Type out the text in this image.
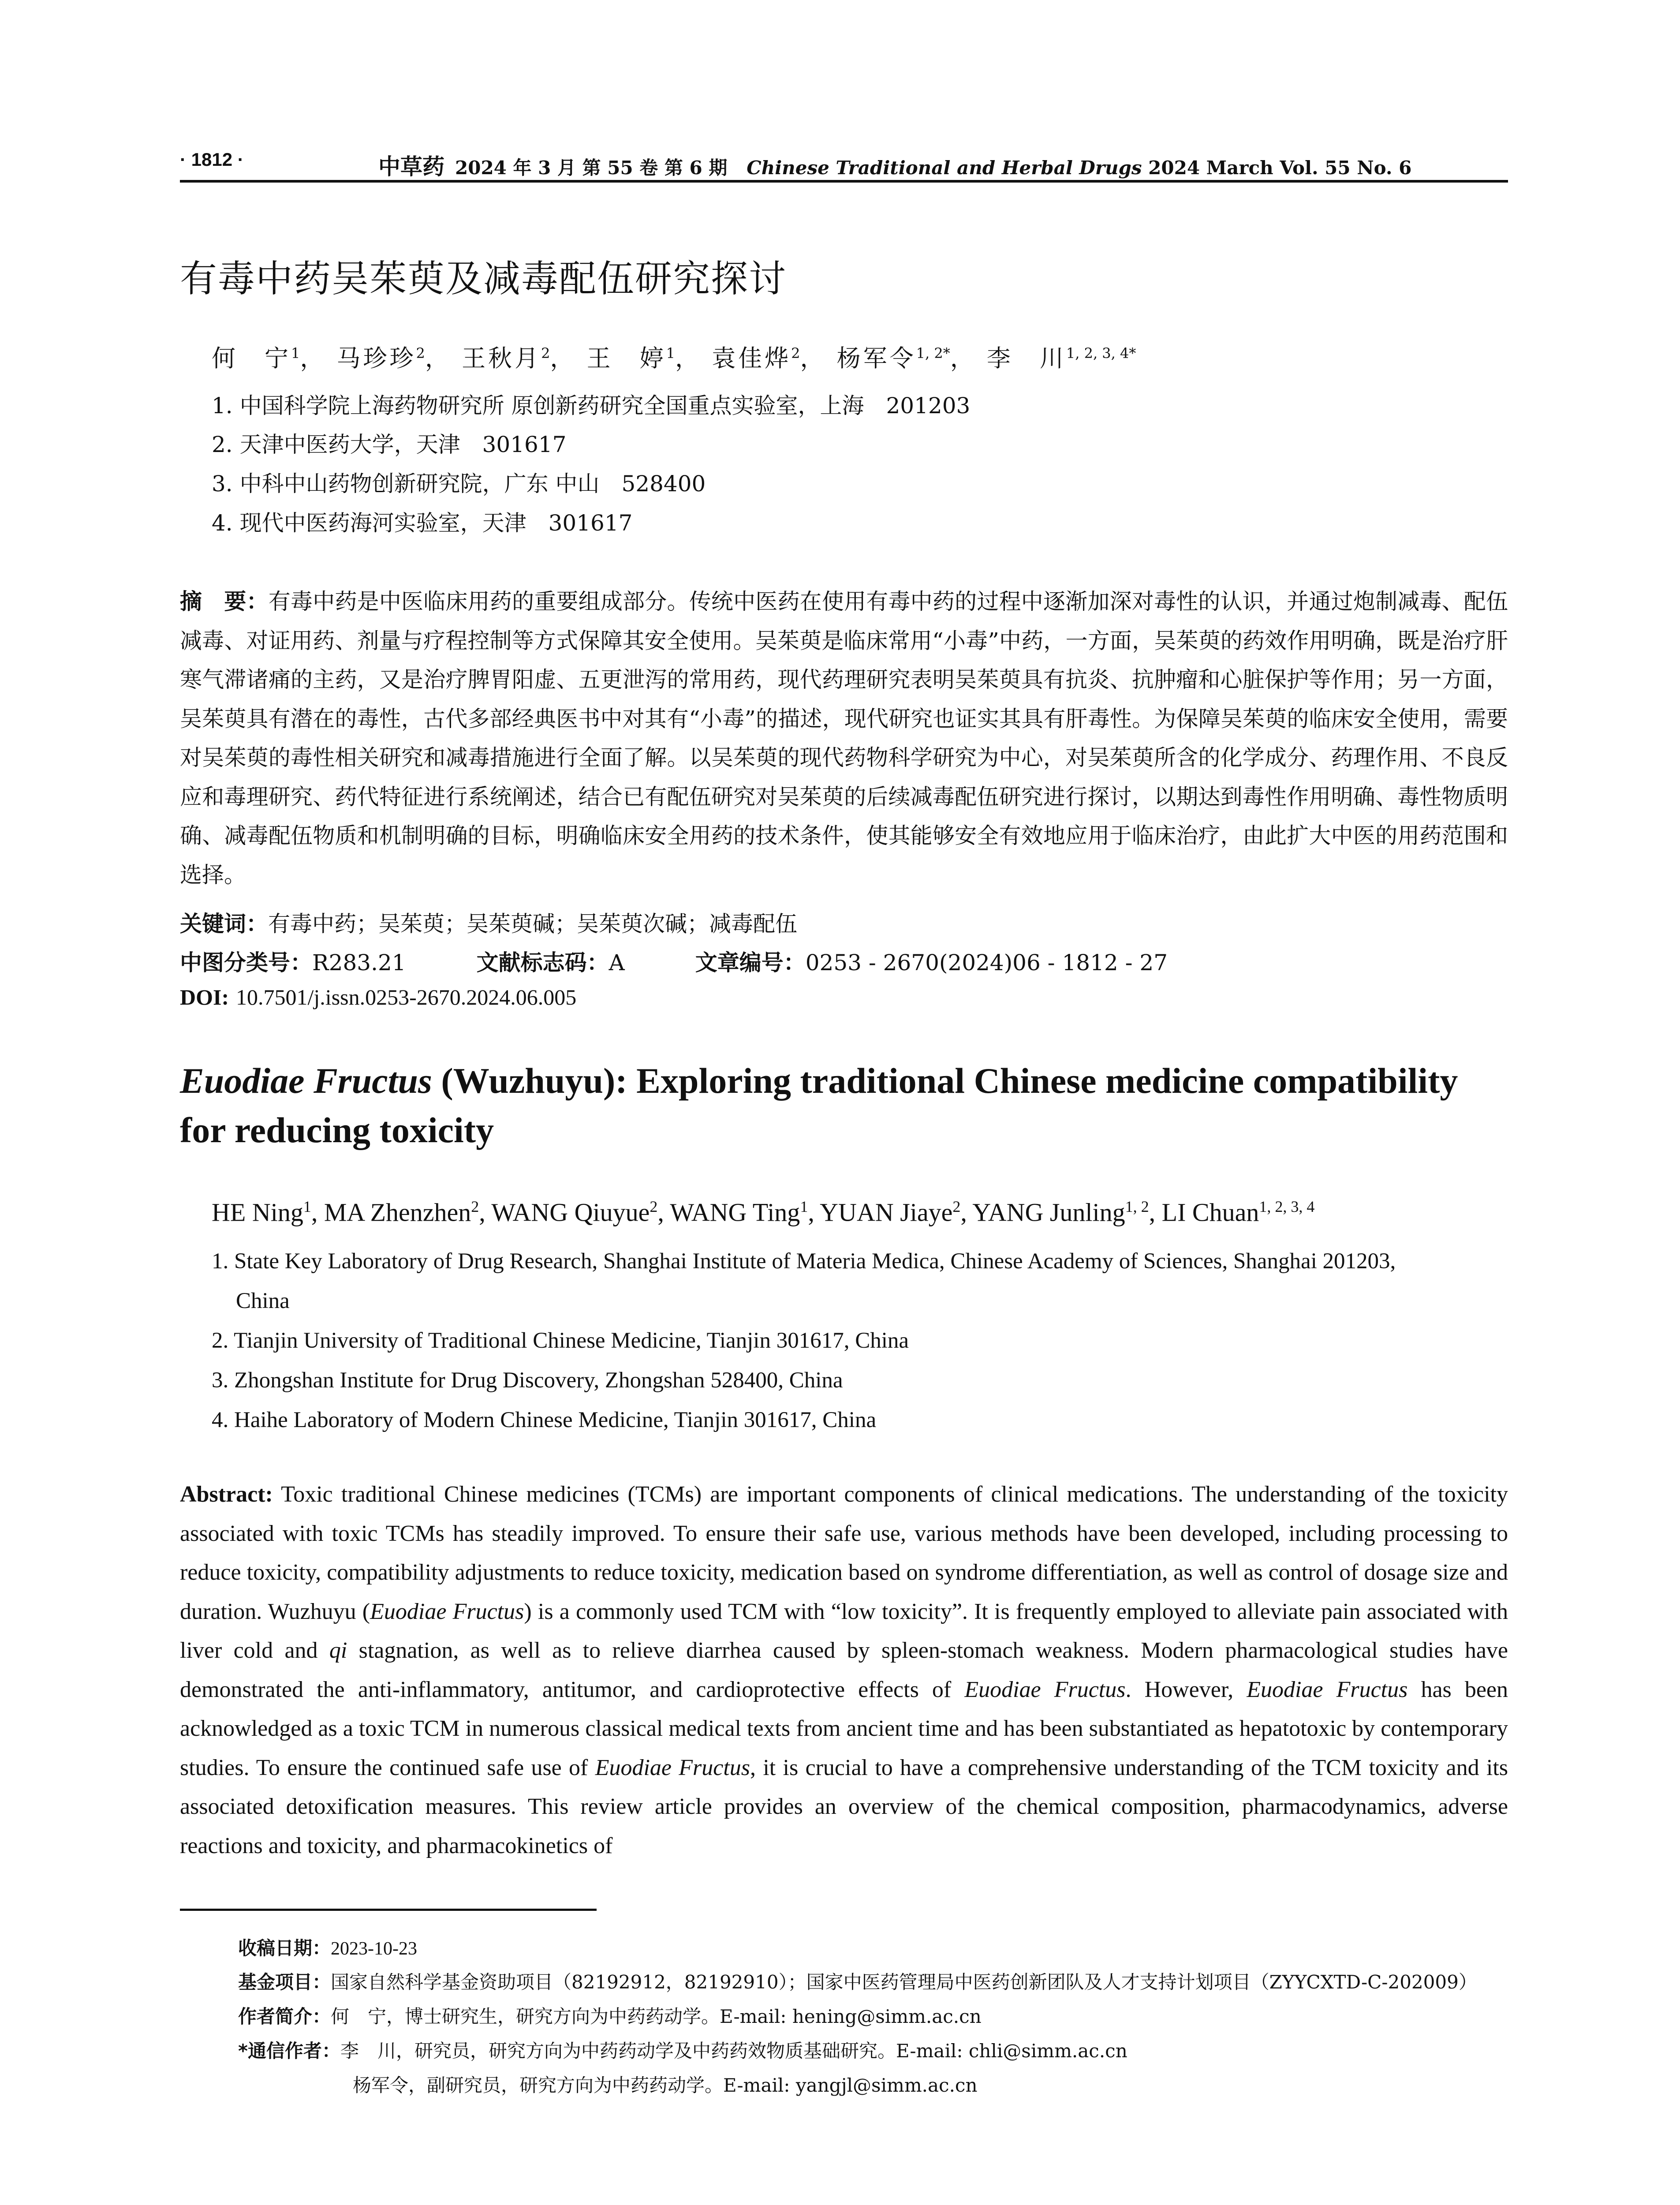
· 1812 ·	中草药 2024 年 3 月 第 55 卷 第 6 期 Chinese Traditional and Herbal Drugs 2024 March Vol. 55 No. 6
有毒中药吴茱萸及减毒配伍研究探讨
何　宁$^1$， 马珍珍$^2$， 王秋月$^2$， 王　婷$^1$， 袁佳烨$^2$， 杨军令$^{1, 2*}$， 李　川$^{1, 2, 3, 4*}$
1. 中国科学院上海药物研究所 原创新药研究全国重点实验室，上海　201203
2. 天津中医药大学，天津　301617
3. 中科中山药物创新研究院，广东 中山　528400
4. 现代中医药海河实验室，天津　301617
摘　要：有毒中药是中医临床用药的重要组成部分。传统中医药在使用有毒中药的过程中逐渐加深对毒性的认识，并通过炮制减毒、配伍减毒、对证用药、剂量与疗程控制等方式保障其安全使用。吴茱萸是临床常用“小毒”中药，一方面，吴茱萸的药效作用明确，既是治疗肝寒气滞诸痛的主药，又是治疗脾胃阳虚、五更泄泻的常用药，现代药理研究表明吴茱萸具有抗炎、抗肿瘤和心脏保护等作用；另一方面，吴茱萸具有潜在的毒性，古代多部经典医书中对其有“小毒”的描述，现代研究也证实其具有肝毒性。为保障吴茱萸的临床安全使用，需要对吴茱萸的毒性相关研究和减毒措施进行全面了解。以吴茱萸的现代药物科学研究为中心，对吴茱萸所含的化学成分、药理作用、不良反应和毒理研究、药代特征进行系统阐述，结合已有配伍研究对吴茱萸的后续减毒配伍研究进行探讨，以期达到毒性作用明确、毒性物质明确、减毒配伍物质和机制明确的目标，明确临床安全用药的技术条件，使其能够安全有效地应用于临床治疗，由此扩大中医的用药范围和选择。
关键词：有毒中药；吴茱萸；吴茱萸碱；吴茱萸次碱；减毒配伍
中图分类号：R283.21	文献标志码：A	文章编号：0253 - 2670(2024)06 - 1812 - 27
DOI: 10.7501/j.issn.0253-2670.2024.06.005
Euodiae Fructus (Wuzhuyu): Exploring traditional Chinese medicine compatibility for reducing toxicity
HE Ning$^1$, MA Zhenzhen$^2$, WANG Qiuyue$^2$, WANG Ting$^1$, YUAN Jiaye$^2$, YANG Junling$^{1, 2}$, LI Chuan$^{1, 2, 3, 4}$
1. State Key Laboratory of Drug Research, Shanghai Institute of Materia Medica, Chinese Academy of Sciences, Shanghai 201203,
China
2. Tianjin University of Traditional Chinese Medicine, Tianjin 301617, China
3. Zhongshan Institute for Drug Discovery, Zhongshan 528400, China
4. Haihe Laboratory of Modern Chinese Medicine, Tianjin 301617, China
Abstract: Toxic traditional Chinese medicines (TCMs) are important components of clinical medications. The understanding of the toxicity associated with toxic TCMs has steadily improved. To ensure their safe use, various methods have been developed, including processing to reduce toxicity, compatibility adjustments to reduce toxicity, medication based on syndrome differentiation, as well as control of dosage size and duration. Wuzhuyu (Euodiae Fructus) is a commonly used TCM with “low toxicity”. It is frequently employed to alleviate pain associated with liver cold and qi stagnation, as well as to relieve diarrhea caused by spleen-stomach weakness. Modern pharmacological studies have demonstrated the anti-inflammatory, antitumor, and cardioprotective effects of Euodiae Fructus. However, Euodiae Fructus has been acknowledged as a toxic TCM in numerous classical medical texts from ancient time and has been substantiated as hepatotoxic by contemporary studies. To ensure the continued safe use of Euodiae Fructus, it is crucial to have a comprehensive understanding of the TCM toxicity and its associated detoxification measures. This review article provides an overview of the chemical composition, pharmacodynamics, adverse reactions and toxicity, and pharmacokinetics of
收稿日期：2023-10-23
基金项目：国家自然科学基金资助项目（82192912，82192910）；国家中医药管理局中医药创新团队及人才支持计划项目（ZYYCXTD-C-202009）
作者简介：何　宁，博士研究生，研究方向为中药药动学。E-mail: hening@simm.ac.cn
*通信作者：李　川，研究员，研究方向为中药药动学及中药药效物质基础研究。E-mail: chli@simm.ac.cn
杨军令，副研究员，研究方向为中药药动学。E-mail: yangjl@simm.ac.cn
